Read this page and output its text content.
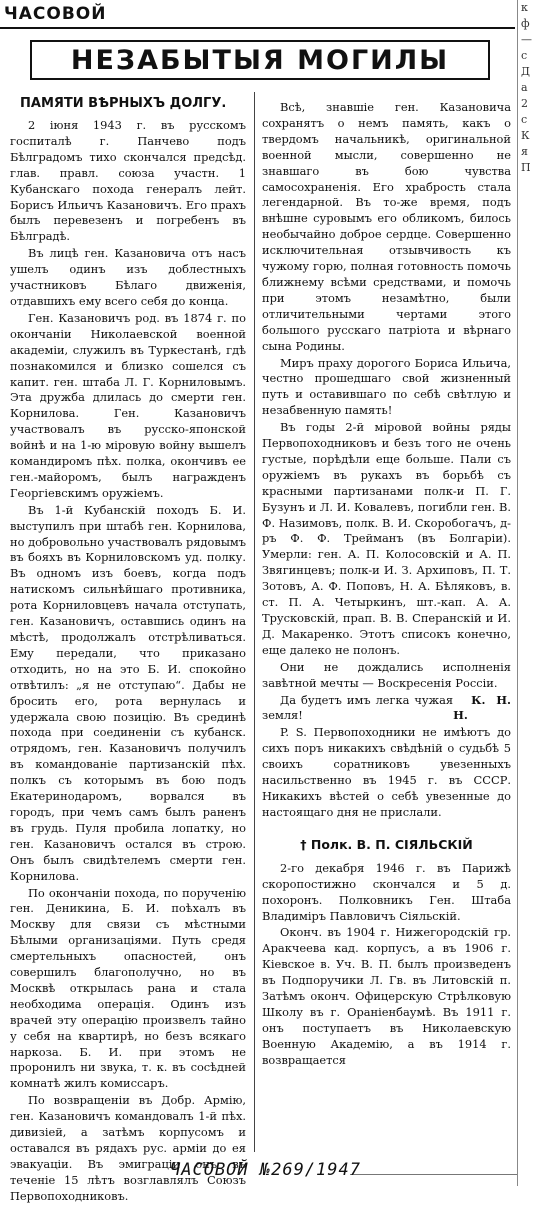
ЧАСОВОЙ
НЕЗАБЫТЫЯ МОГИЛЫ
ПАМЯТИ ВѢРНЫХЪ ДОЛГУ.

2 іюня 1943 г. въ русскомъ госпиталѣ г. Панчево подъ Бѣлградомъ тихо скончался предсѣд. глав. правл. союза участн. 1 Кубанскаго похода генералъ лейт. Борисъ Ильичъ Казановичъ. Его прахъ былъ перевезенъ и погребенъ въ Бѣлградѣ.

Въ лицѣ ген. Казановича отъ насъ ушелъ одинъ изъ доблестныхъ участниковъ Бѣлаго движенія, отдавшихъ ему всего себя до конца.

Ген. Казановичъ род. въ 1874 г. по окончаніи Николаевской военной академіи, служилъ въ Туркестанѣ, гдѣ познакомился и близко сошелся съ капит. ген. штаба Л. Г. Корниловымъ. Эта дружба длилась до смерти ген. Корнилова. Ген. Казановичъ участвовалъ въ русско-японской войнѣ и на 1-ю міровую войну вышелъ командиромъ пѣх. полка, окончивъ ее ген.-майоромъ, былъ награжденъ Георгіевскимъ оружіемъ.

Въ 1-й Кубанскій походъ Б. И. выступилъ при штабѣ ген. Корнилова, но добровольно участвовалъ рядовымъ въ бояхъ въ Корниловскомъ уд. полку. Въ одномъ изъ боевъ, когда подъ натискомъ сильнѣйшаго противника, рота Корниловцевъ начала отступать, ген. Казановичъ, оставшись одинъ на мѣстѣ, продолжалъ отстрѣливаться. Ему передали, что приказано отходить, но на это Б. И. спокойно отвѣтилъ: „я не отступаю“. Дабы не бросить его, рота вернулась и удержала свою позицію. Въ срединѣ похода при соединеніи съ кубанск. отрядомъ, ген. Казановичъ получилъ въ командованіе партизанскій пѣх. полкъ съ которымъ въ бою подъ Екатеринодаромъ, ворвался въ городъ, при чемъ самъ былъ раненъ въ грудь. Пуля пробила лопатку, но ген. Казановичъ остался въ строю. Онъ былъ свидѣтелемъ смерти ген. Корнилова.

По окончаніи похода, по порученію ген. Деникина, Б. И. поѣхалъ въ Москву для связи съ мѣстными Бѣлыми организаціями. Путь средя смертельныхъ опасностей, онъ совершилъ благополучно, но въ Москвѣ открылась рана и стала необходима операція. Одинъ изъ врачей эту операцію произвелъ тайно у себя на квартирѣ, но безъ всякаго наркоза. Б. И. при этомъ не проронилъ ни звука, т. к. въ сосѣдней комнатѣ жилъ комиссаръ.

По возвращеніи въ Добр. Армію, ген. Казановичъ командовалъ 1-й пѣх. дивизіей, а затѣмъ корпусомъ и оставался въ рядахъ рус. арміи до ея эвакуаціи. Въ эмиграціи онъ въ теченіе 15 лѣтъ возглавлялъ Союзъ Первопоходниковъ.

Всѣ, знавшіе ген. Казановича сохранятъ о немъ память, какъ о твердомъ начальникѣ, оригинальной военной мысли, совершенно не знавшаго въ бою чувства самосохраненія. Его храбрость стала легендарной. Въ то-же время, подъ внѣшне суровымъ его обликомъ, билось необычайно доброе сердце. Совершенно исключительная отзывчивость къ чужому горю, полная готовность помочь ближнему всѣми средствами, и помочь при этомъ незамѣтно, были отличительными чертами этого большого русскаго патріота и вѣрнаго сына Родины.

Миръ праху дорогого Бориса Ильича, честно прошедшаго свой жизненный путь и оставившаго по себѣ свѣтлую и незабвенную память!

Въ годы 2-й міровой войны ряды Первопоходниковъ и безъ того не очень густые, порѣдѣли еще больше. Пали съ оружіемъ въ рукахъ въ борьбѣ съ красными партизанами полк-и П. Г. Бузунъ и Л. И. Ковалевъ, погибли ген. В. Ф. Назимовъ, полк. В. И. Скоробогачъ, д-ръ Ф. Ф. Трейманъ (въ Болгаріи). Умерли: ген. А. П. Колосовскій и А. П. Звягинцевъ; полк-и И. З. Архиповъ, П. Т. Зотовъ, А. Ф. Поповъ, Н. А. Бѣляковъ, в. ст. П. А. Четыркинъ, шт.-кап. А. А. Трусковскій, прап. В. В. Сперанскій и И. Д. Макаренко. Этотъ списокъ конечно, еще далеко не полонъ.

Они не дождались исполненія завѣтной мечты — Воскресенія Россіи.

Да будетъ имъ легка чужая земля!
К. Н. Н.

P. S. Первопоходники не имѣютъ до сихъ поръ никакихъ свѣдѣній о судьбѣ 5 своихъ соратниковъ увезенныхъ насильственно въ 1945 г. въ СССР. Никакихъ вѣстей о себѣ увезенные до настоящаго дня не прислали.

† Полк. В. П. СІЯЛЬСКІЙ

2-го декабря 1946 г. въ Парижѣ скоропостижно скончался и 5 д. похоронъ. Полковникъ Ген. Штаба Владиміръ Павловичъ Сіяльскій.

Оконч. въ 1904 г. Нижегородскій гр. Аракчеева кад. корпусъ, а въ 1906 г. Кіевское в. Уч. В. П. былъ произведенъ въ Подпоручики Л. Гв. въ Литовскій п. Затѣмъ оконч. Офицерскую Стрѣлковую Школу въ г. Ораніенбаумѣ. Въ 1911 г. онъ поступаетъ въ Николаевскую Военную Академію, а въ 1914 г. возвращается

к
ф
—
с
Д
а
2
с
К
я
П
ЧАСОВОЙ №269/1947
